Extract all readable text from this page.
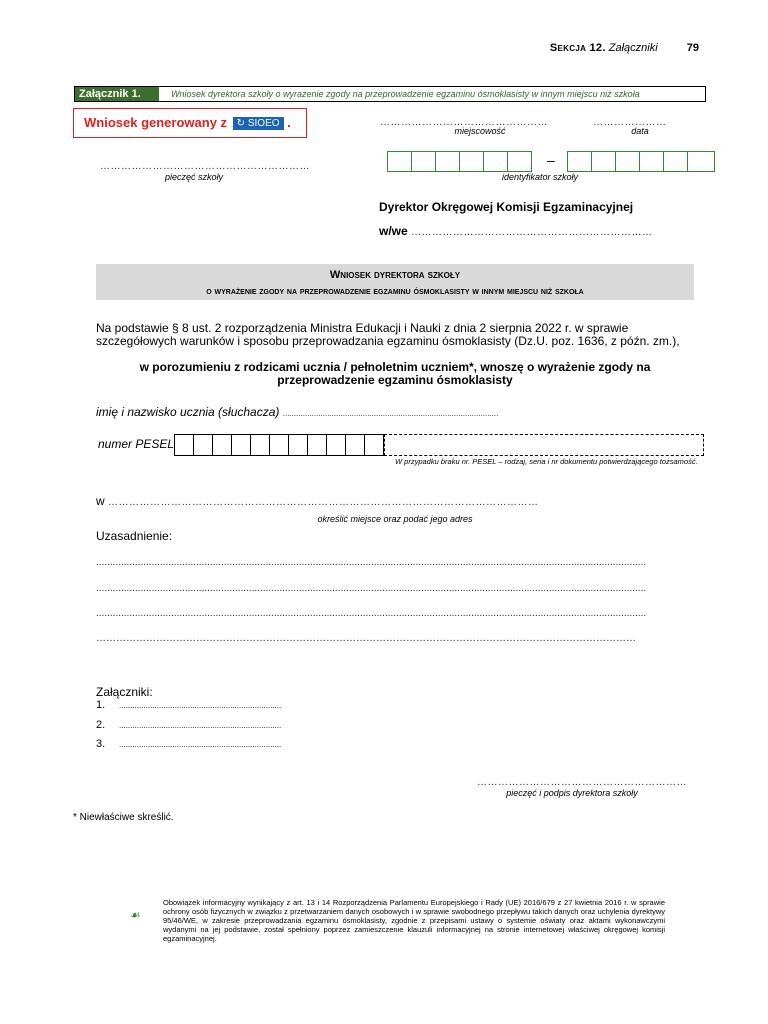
Sekcja 12. Załączniki	79
Załącznik 1.	Wniosek dyrektora szkoły o wyrażenie zgody na przeprowadzenie egzaminu ósmoklasisty w innym miejscu niż szkoła
Wniosek generowany z ↻ SIOEO .	…………………………………………
miejscowość
…………………
data
……………………………………………………
pieczęć szkoły
–
identyfikator szkoły
Dyrektor Okręgowej Komisji Egzaminacyjnej
w/we ……………………………………………………………
Wniosek dyrektora szkoły
o wyrażenie zgody na przeprowadzenie egzaminu ósmoklasisty w innym miejscu niż szkoła
Na podstawie § 8 ust. 2 rozporządzenia Ministra Edukacji i Nauki z dnia 2 sierpnia 2022 r. w sprawie szczegółowych warunków i sposobu przeprowadzania egzaminu ósmoklasisty (Dz.U. poz. 1636, z późn. zm.),
w porozumieniu z rodzicami ucznia / pełnoletnim uczniem*, wnoszę o wyrażenie zgody na przeprowadzenie egzaminu ósmoklasisty
imię i nazwisko ucznia (słuchacza) .................................................................................................
numer PESEL
W przypadku braku nr. PESEL – rodzaj, seria i nr dokumentu potwierdzającego tożsamość.
w ……………………………………………………………………………………………………………
określić miejsce oraz podać jego adres
Uzasadnienie:
......................................................................................................................................................................................................
......................................................................................................................................................................................................
......................................................................................................................................................................................................
………………………………………………………………………………………………………………………………………………
Załączniki:
1. .........................................................................
2. .........................................................................
3. .........................................................................
……………………………………………………
pieczęć i podpis dyrektora szkoły
* Niewłaściwe skreślić.
☙
Obowiązek informacyjny wynikający z art. 13 i 14 Rozporządzenia Parlamentu Europejskiego i Rady (UE) 2016/679 z 27 kwietnia 2016 r. w sprawie ochrony osób fizycznych w związku z przetwarzaniem danych osobowych i w sprawie swobodnego przepływu takich danych oraz uchylenia dyrektywy 95/46/WE, w zakresie przeprowadzania egzaminu ósmoklasisty, zgodnie z przepisami ustawy o systemie oświaty oraz aktami wykonawczymi wydanymi na jej podstawie, został spełniony poprzez zamieszczenie klauzuli informacyjnej na stronie internetowej właściwej okręgowej komisji egzaminacyjnej.
